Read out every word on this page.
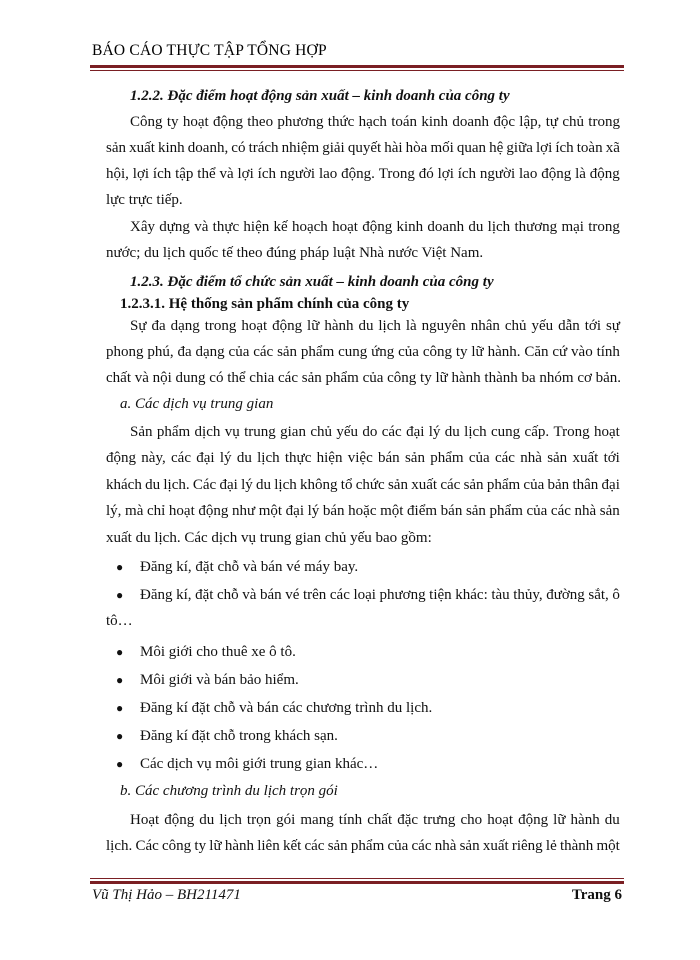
BÁO CÁO THỰC TẬP TỔNG HỢP
1.2.2. Đặc điểm hoạt động sản xuất – kinh doanh của công ty
Công ty hoạt động theo phương thức hạch toán kinh doanh độc lập, tự chủ trong
sản xuất kinh doanh, có trách nhiệm giải quyết hài hòa mối quan hệ giữa lợi ích toàn xã
hội, lợi ích tập thể và lợi ích người lao động. Trong đó lợi ích người lao động là động
lực trực tiếp.
Xây dựng và thực hiện kế hoạch hoạt động kinh doanh du lịch thương mại trong
nước; du lịch quốc tế theo đúng pháp luật Nhà nước Việt Nam.
1.2.3. Đặc điểm tổ chức sản xuất – kinh doanh của công ty
1.2.3.1. Hệ thống sản phẩm chính của công ty
Sự đa dạng trong hoạt động lữ hành du lịch là nguyên nhân chủ yếu dẫn tới sự
phong phú, đa dạng của các sản phẩm cung ứng của công ty lữ hành. Căn cứ vào tính
chất và nội dung có thể chia các sản phẩm của công ty lữ hành thành ba nhóm cơ bản.
a. Các dịch vụ trung gian
Sản phẩm dịch vụ trung gian chủ yếu do các đại lý du lịch cung cấp. Trong hoạt
động này, các đại lý du lịch thực hiện việc bán sản phẩm của các nhà sản xuất tới
khách du lịch. Các đại lý du lịch không tổ chức sản xuất các sản phẩm của bản thân đại
lý, mà chỉ hoạt động như một đại lý bán hoặc một điểm bán sản phẩm của các nhà sản
xuất du lịch. Các dịch vụ trung gian chủ yếu bao gồm:
● Đăng kí, đặt chỗ và bán vé máy bay.
● Đăng kí, đặt chỗ và bán vé trên các loại phương tiện khác: tàu thủy, đường sắt, ô
tô…
● Môi giới cho thuê xe ô tô.
● Môi giới và bán bảo hiểm.
● Đăng kí đặt chỗ và bán các chương trình du lịch.
● Đăng kí đặt chỗ trong khách sạn.
● Các dịch vụ môi giới trung gian khác…
b. Các chương trình du lịch trọn gói
Hoạt động du lịch trọn gói mang tính chất đặc trưng cho hoạt động lữ hành du
lịch. Các công ty lữ hành liên kết các sản phẩm của các nhà sản xuất riêng lẻ thành một
Vũ Thị Hảo – BH211471	Trang 6
